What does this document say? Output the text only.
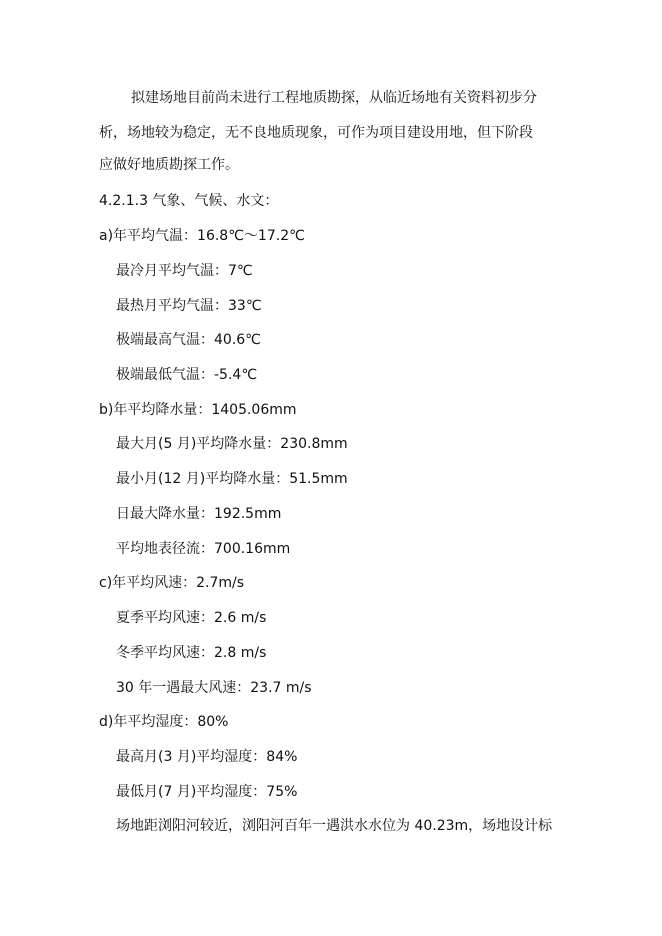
拟建场地目前尚未进行工程地质勘探，从临近场地有关资料初步分
析，场地较为稳定，无不良地质现象，可作为项目建设用地，但下阶段
应做好地质勘探工作。
4.2.1.3 气象、气候、水文：
a)年平均气温：16.8℃～17.2℃
最冷月平均气温：7℃
最热月平均气温：33℃
极端最高气温：40.6℃
极端最低气温：-5.4℃
b)年平均降水量：1405.06mm
最大月(5 月)平均降水量：230.8mm
最小月(12 月)平均降水量：51.5mm
日最大降水量：192.5mm
平均地表径流：700.16mm
c)年平均风速：2.7m/s
夏季平均风速：2.6 m/s
冬季平均风速：2.8 m/s
30 年一遇最大风速：23.7 m/s
d)年平均湿度：80%
最高月(3 月)平均湿度：84%
最低月(7 月)平均湿度：75%
场地距浏阳河较近，浏阳河百年一遇洪水水位为 40.23m，场地设计标
